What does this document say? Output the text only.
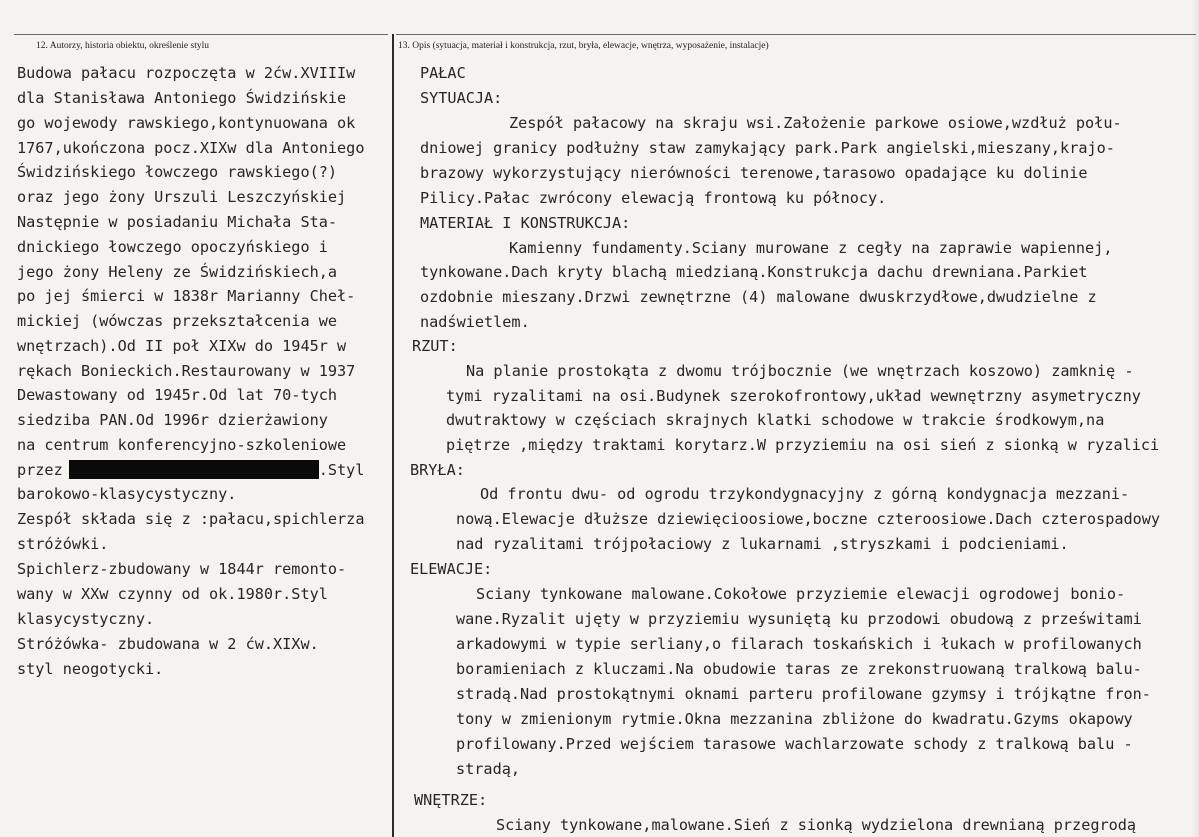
12. Autorzy, historia obiektu, określenie stylu	13. Opis (sytuacja, materiał i konstrukcja, rzut, bryła, elewacje, wnętrza, wyposażenie, instalacje)
Budowa pałacu rozpoczęta w 2ćw.XVIIIw
dla Stanisława Antoniego Świdzińskie
go wojewody rawskiego,kontynuowana ok
1767,ukończona pocz.XIXw dla Antoniego
Świdzińskiego łowczego rawskiego(?)
oraz jego żony Urszuli Leszczyńskiej
Następnie w posiadaniu Michała Sta-
dnickiego łowczego opoczyńskiego i
jego żony Heleny ze Świdzińskiech,a
po jej śmierci w 1838r Marianny Cheł-
mickiej (wówczas przekształcenia we
wnętrzach).Od II poł XIXw do 1945r w
rękach Bonieckich.Restaurowany w 1937
Dewastowany od 1945r.Od lat 70-tych
siedziba PAN.Od 1996r dzierżawiony
na centrum konferencyjno-szkoleniowe
przez	.Styl
barokowo-klasycystyczny.
Zespół składa się z :pałacu,spichlerza
stróżówki.
Spichlerz-zbudowany w 1844r remonto-
wany w XXw czynny od ok.1980r.Styl
klasycystyczny.
Stróżówka- zbudowana w 2 ćw.XIXw.
styl neogotycki.
PAŁAC
SYTUACJA:
Zespół pałacowy na skraju wsi.Założenie parkowe osiowe,wzdłuż połu-
dniowej granicy podłużny staw zamykający park.Park angielski,mieszany,krajo-
brazowy wykorzystujący nierówności terenowe,tarasowo opadające ku dolinie
Pilicy.Pałac zwrócony elewacją frontową ku północy.
MATERIAŁ I KONSTRUKCJA:
Kamienny fundamenty.Sciany murowane z cegły na zaprawie wapiennej,
tynkowane.Dach kryty blachą miedzianą.Konstrukcja dachu drewniana.Parkiet
ozdobnie mieszany.Drzwi zewnętrzne (4) malowane dwuskrzydłowe,dwudzielne z
nadświetlem.
RZUT:
Na planie prostokąta z dwomu trójbocznie (we wnętrzach koszowo) zamknię -
tymi ryzalitami na osi.Budynek szerokofrontowy,układ wewnętrzny asymetryczny
dwutraktowy w częściach skrajnych klatki schodowe w trakcie środkowym,na
piętrze ,między traktami korytarz.W przyziemiu na osi sień z sionką w ryzalici
BRYŁA:
Od frontu dwu- od ogrodu trzykondygnacyjny z górną kondygnacja mezzani-
nową.Elewacje dłuższe dziewięcioosiowe,boczne czteroosiowe.Dach czterospadowy
nad ryzalitami trójpołaciowy z lukarnami ,stryszkami i podcieniami.
ELEWACJE:
Sciany tynkowane malowane.Cokołowe przyziemie elewacji ogrodowej bonio-
wane.Ryzalit ujęty w przyziemiu wysuniętą ku przodowi obudową z prześwitami
arkadowymi w typie serliany,o filarach toskańskich i łukach w profilowanych
boramieniach z kluczami.Na obudowie taras ze zrekonstruowaną tralkową balu-
stradą.Nad prostokątnymi oknami parteru profilowane gzymsy i trójkątne fron-
tony w zmienionym rytmie.Okna mezzanina zbliżone do kwadratu.Gzyms okapowy
profilowany.Przed wejściem tarasowe wachlarzowate schody z tralkową balu -
stradą,
WNĘTRZE:
Sciany tynkowane,malowane.Sień z sionką wydzielona drewnianą przegrodą
